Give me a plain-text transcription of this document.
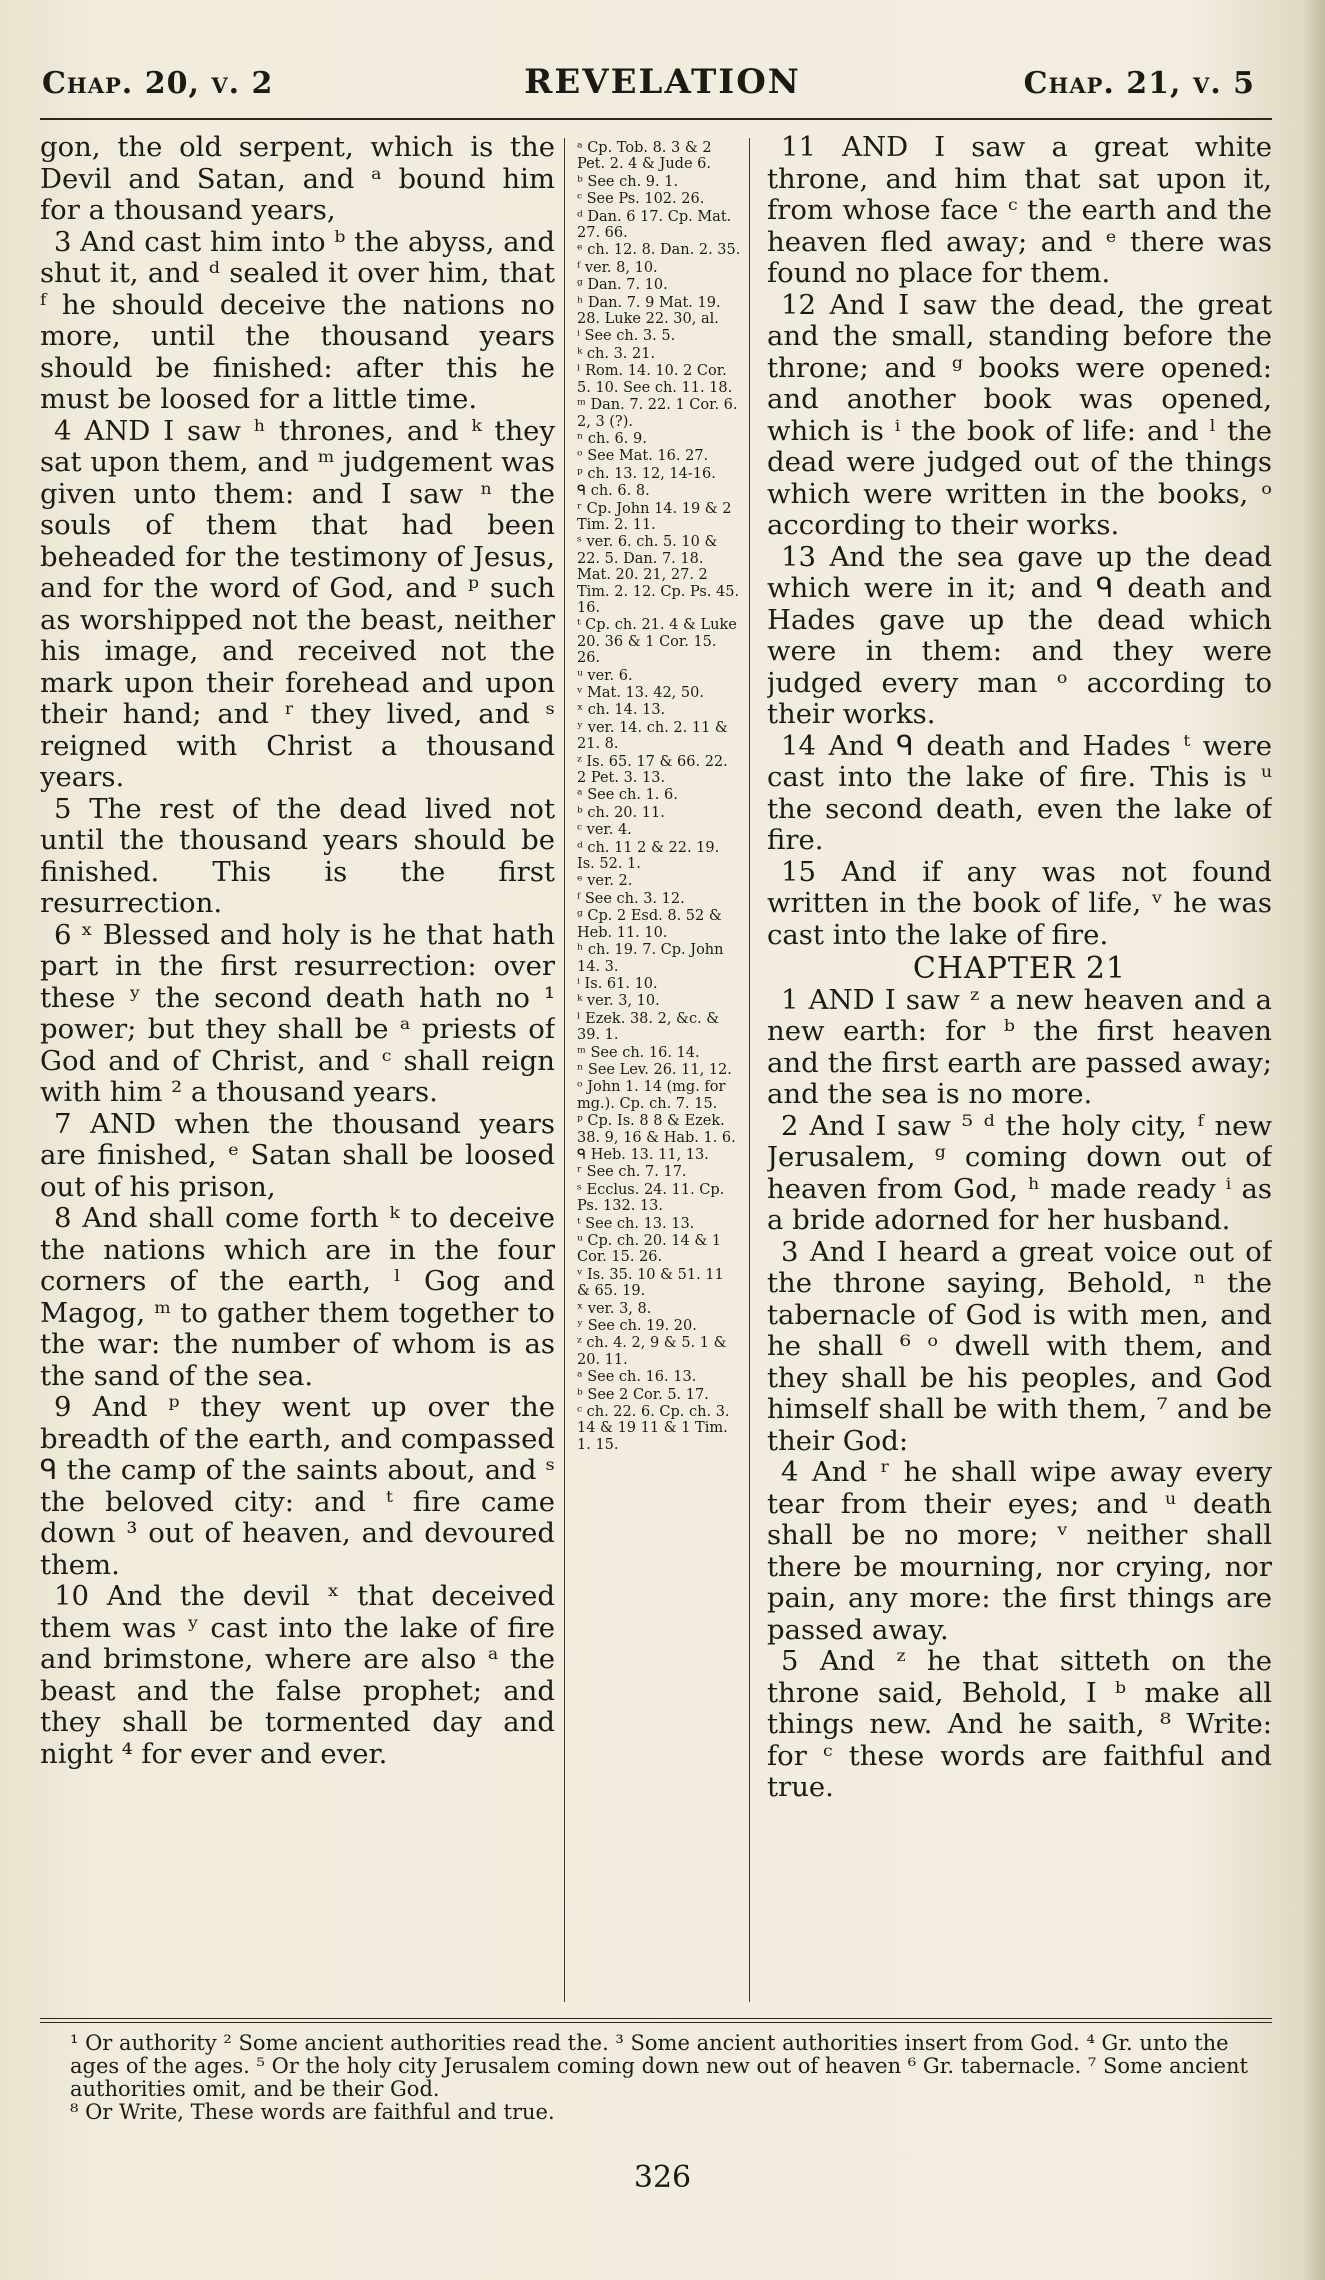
Chap. 20, v. 2	REVELATION	Chap. 21, v. 5

gon, the old serpent, which is the Devil and Satan, and ᵃ bound him for a thousand years,

3 And cast him into ᵇ the abyss, and shut it, and ᵈ sealed it over him, that ᶠ he should deceive the nations no more, until the thousand years should be finished: after this he must be loosed for a little time.

4 AND I saw ʰ thrones, and ᵏ they sat upon them, and ᵐ judgement was given unto them: and I saw ⁿ the souls of them that had been beheaded for the testimony of Jesus, and for the word of God, and ᵖ such as worshipped not the beast, neither his image, and received not the mark upon their forehead and upon their hand; and ʳ they lived, and ˢ reigned with Christ a thousand years.

5 The rest of the dead lived not until the thousand years should be finished. This is the first resurrection.

6 ˣ Blessed and holy is he that hath part in the first resurrection: over these ʸ the second death hath no ¹ power; but they shall be ᵃ priests of God and of Christ, and ᶜ shall reign with him ² a thousand years.

7 AND when the thousand years are finished, ᵉ Satan shall be loosed out of his prison,

8 And shall come forth ᵏ to deceive the nations which are in the four corners of the earth, ˡ Gog and Magog, ᵐ to gather them together to the war: the number of whom is as the sand of the sea.

9 And ᵖ they went up over the breadth of the earth, and compassed ᑫ the camp of the saints about, and ˢ the beloved city: and ᵗ fire came down ³ out of heaven, and devoured them.

10 And the devil ˣ that deceived them was ʸ cast into the lake of fire and brimstone, where are also ᵃ the beast and the false prophet; and they shall be tormented day and night ⁴ for ever and ever.

ᵃ Cp. Tob. 8. 3 & 2 Pet. 2. 4 & Jude 6.

ᵇ See ch. 9. 1.

ᶜ See Ps. 102. 26.

ᵈ Dan. 6 17. Cp. Mat. 27. 66.

ᵉ ch. 12. 8. Dan. 2. 35.

ᶠ ver. 8, 10.

ᵍ Dan. 7. 10.

ʰ Dan. 7. 9 Mat. 19. 28. Luke 22. 30, al.

ⁱ See ch. 3. 5.

ᵏ ch. 3. 21.

ˡ Rom. 14. 10. 2 Cor. 5. 10. See ch. 11. 18.

ᵐ Dan. 7. 22. 1 Cor. 6. 2, 3 (?).

ⁿ ch. 6. 9.

ᵒ See Mat. 16. 27.

ᵖ ch. 13. 12, 14-16.

ᑫ ch. 6. 8.

ʳ Cp. John 14. 19 & 2 Tim. 2. 11.

ˢ ver. 6. ch. 5. 10 & 22. 5. Dan. 7. 18. Mat. 20. 21, 27. 2 Tim. 2. 12. Cp. Ps. 45. 16.

ᵗ Cp. ch. 21. 4 & Luke 20. 36 & 1 Cor. 15. 26.

ᵘ ver. 6.

ᵛ Mat. 13. 42, 50.

ˣ ch. 14. 13.

ʸ ver. 14. ch. 2. 11 & 21. 8.

ᶻ Is. 65. 17 & 66. 22. 2 Pet. 3. 13.

ᵃ See ch. 1. 6.

ᵇ ch. 20. 11.

ᶜ ver. 4.

ᵈ ch. 11 2 & 22. 19. Is. 52. 1.

ᵉ ver. 2.

ᶠ See ch. 3. 12.

ᵍ Cp. 2 Esd. 8. 52 & Heb. 11. 10.

ʰ ch. 19. 7. Cp. John 14. 3.

ⁱ Is. 61. 10.

ᵏ ver. 3, 10.

ˡ Ezek. 38. 2, &c. & 39. 1.

ᵐ See ch. 16. 14.

ⁿ See Lev. 26. 11, 12.

ᵒ John 1. 14 (mg. for mg.). Cp. ch. 7. 15.

ᵖ Cp. Is. 8 8 & Ezek. 38. 9, 16 & Hab. 1. 6.

ᑫ Heb. 13. 11, 13.

ʳ See ch. 7. 17.

ˢ Ecclus. 24. 11. Cp. Ps. 132. 13.

ᵗ See ch. 13. 13.

ᵘ Cp. ch. 20. 14 & 1 Cor. 15. 26.

ᵛ Is. 35. 10 & 51. 11 & 65. 19.

ˣ ver. 3, 8.

ʸ See ch. 19. 20.

ᶻ ch. 4. 2, 9 & 5. 1 & 20. 11.

ᵃ See ch. 16. 13.

ᵇ See 2 Cor. 5. 17.

ᶜ ch. 22. 6. Cp. ch. 3. 14 & 19 11 & 1 Tim. 1. 15.

11 AND I saw a great white throne, and him that sat upon it, from whose face ᶜ the earth and the heaven fled away; and ᵉ there was found no place for them.

12 And I saw the dead, the great and the small, standing before the throne; and ᵍ books were opened: and another book was opened, which is ⁱ the book of life: and ˡ the dead were judged out of the things which were written in the books, ᵒ according to their works.

13 And the sea gave up the dead which were in it; and ᑫ death and Hades gave up the dead which were in them: and they were judged every man ᵒ according to their works.

14 And ᑫ death and Hades ᵗ were cast into the lake of fire. This is ᵘ the second death, even the lake of fire.

15 And if any was not found written in the book of life, ᵛ he was cast into the lake of fire.

CHAPTER 21

1 AND I saw ᶻ a new heaven and a new earth: for ᵇ the first heaven and the first earth are passed away; and the sea is no more.

2 And I saw ⁵ ᵈ the holy city, ᶠ new Jerusalem, ᵍ coming down out of heaven from God, ʰ made ready ⁱ as a bride adorned for her husband.

3 And I heard a great voice out of the throne saying, Behold, ⁿ the tabernacle of God is with men, and he shall ⁶ ᵒ dwell with them, and they shall be his peoples, and God himself shall be with them, ⁷ and be their God:

4 And ʳ he shall wipe away every tear from their eyes; and ᵘ death shall be no more; ᵛ neither shall there be mourning, nor crying, nor pain, any more: the first things are passed away.

5 And ᶻ he that sitteth on the throne said, Behold, I ᵇ make all things new. And he saith, ⁸ Write: for ᶜ these words are faithful and true.

¹ Or authority ² Some ancient authorities read the. ³ Some ancient authorities insert from God. ⁴ Gr. unto the ages of the ages. ⁵ Or the holy city Jerusalem coming down new out of heaven ⁶ Gr. tabernacle. ⁷ Some ancient authorities omit, and be their God.

⁸ Or Write, These words are faithful and true.

326
